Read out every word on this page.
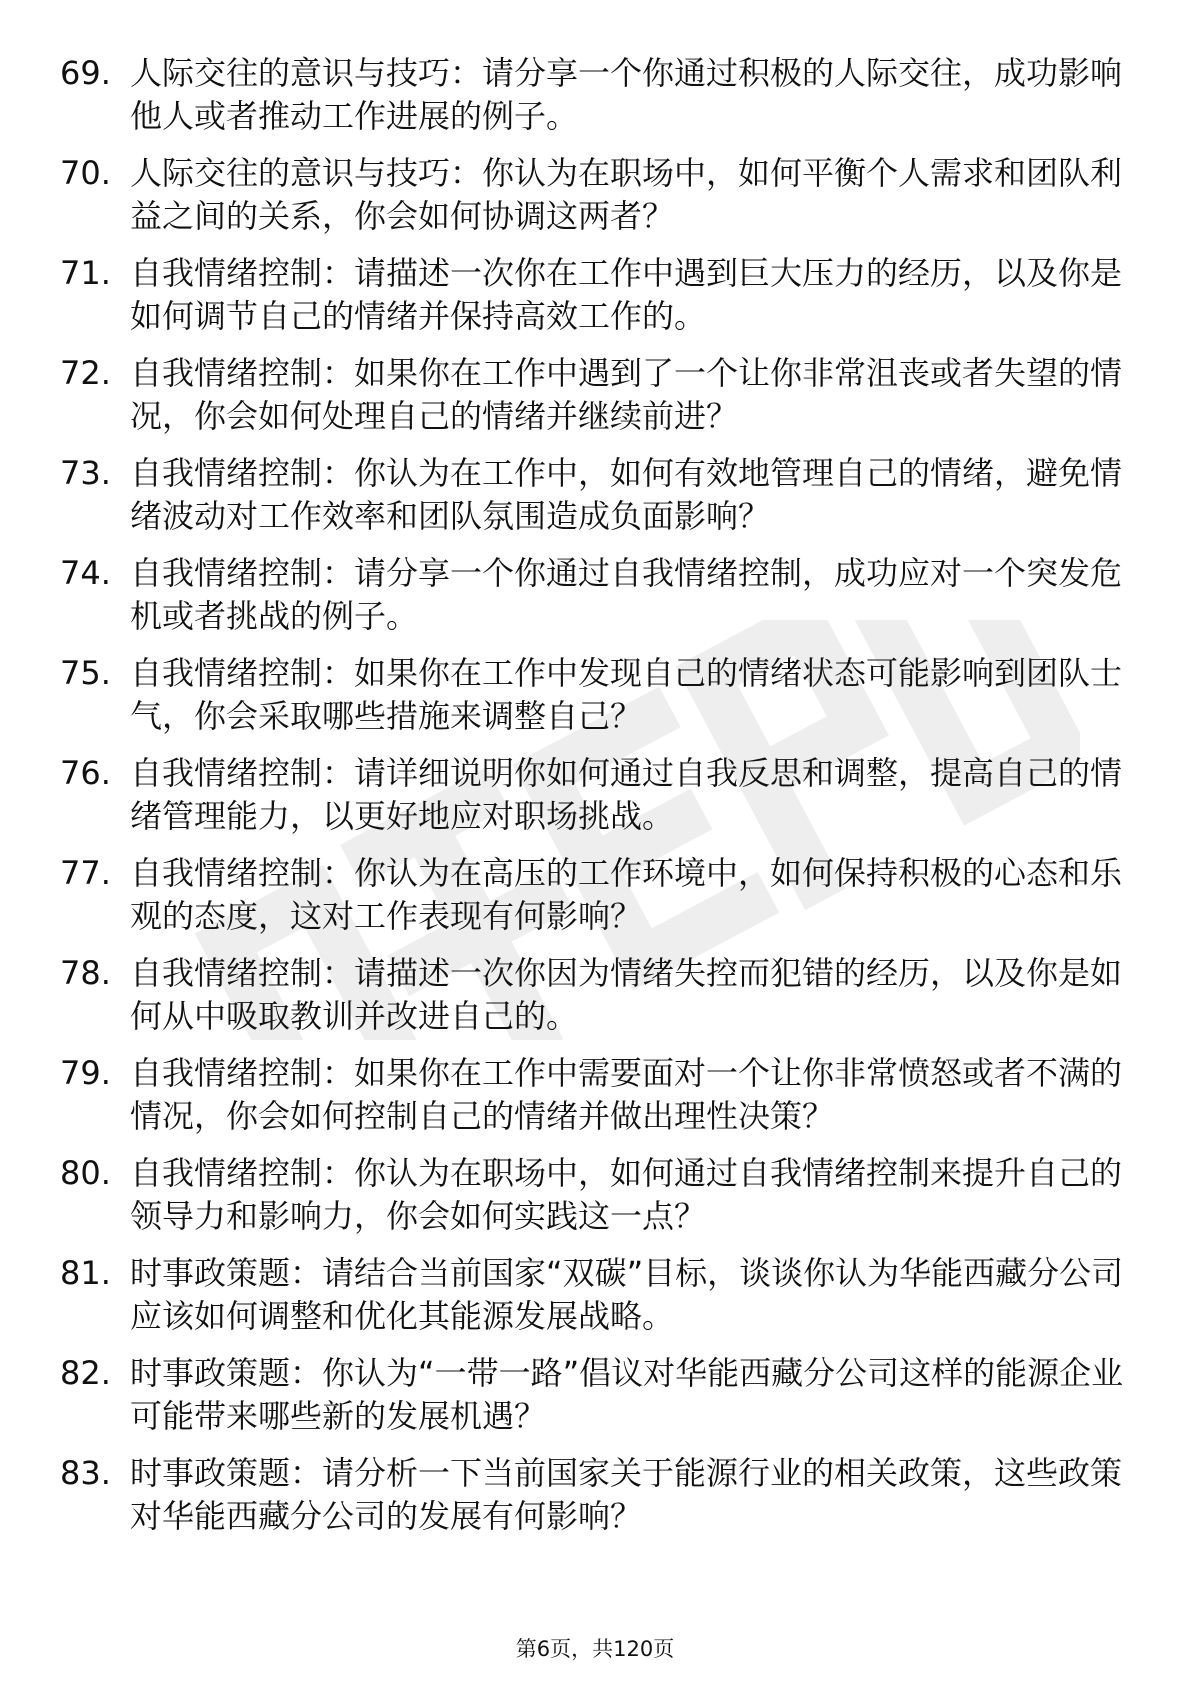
69. 人际交往的意识与技巧：请分享一个你通过积极的人际交往，成功影响他人或者推动工作进展的例子。
70. 人际交往的意识与技巧：你认为在职场中，如何平衡个人需求和团队利益之间的关系，你会如何协调这两者？
71. 自我情绪控制：请描述一次你在工作中遇到巨大压力的经历，以及你是如何调节自己的情绪并保持高效工作的。
72. 自我情绪控制：如果你在工作中遇到了一个让你非常沮丧或者失望的情况，你会如何处理自己的情绪并继续前进？
73. 自我情绪控制：你认为在工作中，如何有效地管理自己的情绪，避免情绪波动对工作效率和团队氛围造成负面影响？
74. 自我情绪控制：请分享一个你通过自我情绪控制，成功应对一个突发危机或者挑战的例子。
75. 自我情绪控制：如果你在工作中发现自己的情绪状态可能影响到团队士气，你会采取哪些措施来调整自己？
76. 自我情绪控制：请详细说明你如何通过自我反思和调整，提高自己的情绪管理能力，以更好地应对职场挑战。
77. 自我情绪控制：你认为在高压的工作环境中，如何保持积极的心态和乐观的态度，这对工作表现有何影响？
78. 自我情绪控制：请描述一次你因为情绪失控而犯错的经历，以及你是如何从中吸取教训并改进自己的。
79. 自我情绪控制：如果你在工作中需要面对一个让你非常愤怒或者不满的情况，你会如何控制自己的情绪并做出理性决策？
80. 自我情绪控制：你认为在职场中，如何通过自我情绪控制来提升自己的领导力和影响力，你会如何实践这一点？
81. 时事政策题：请结合当前国家“双碳”目标，谈谈你认为华能西藏分公司应该如何调整和优化其能源发展战略。
82. 时事政策题：你认为“一带一路”倡议对华能西藏分公司这样的能源企业可能带来哪些新的发展机遇？
83. 时事政策题：请分析一下当前国家关于能源行业的相关政策，这些政策对华能西藏分公司的发展有何影响？
第6页，共120页
